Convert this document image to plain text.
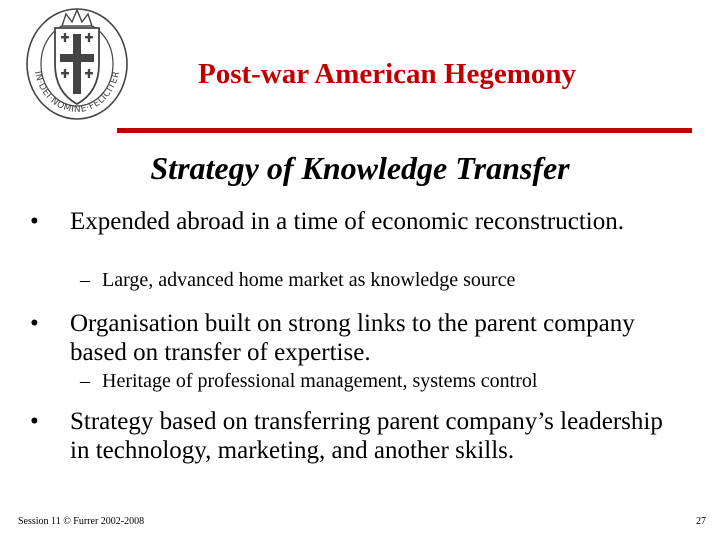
IN·DEI·NOMINE·FELICITER	Post-war American Hegemony
Strategy of Knowledge Transfer
• Expended abroad in a time of economic reconstruction.
– Large, advanced home market as knowledge source
• Organisation built on strong links to the parent company based on transfer of expertise.
– Heritage of professional management, systems control
• Strategy based on transferring parent company’s leadership in technology, marketing, and another skills.
Session 11 © Furrer 2002-2008	27
